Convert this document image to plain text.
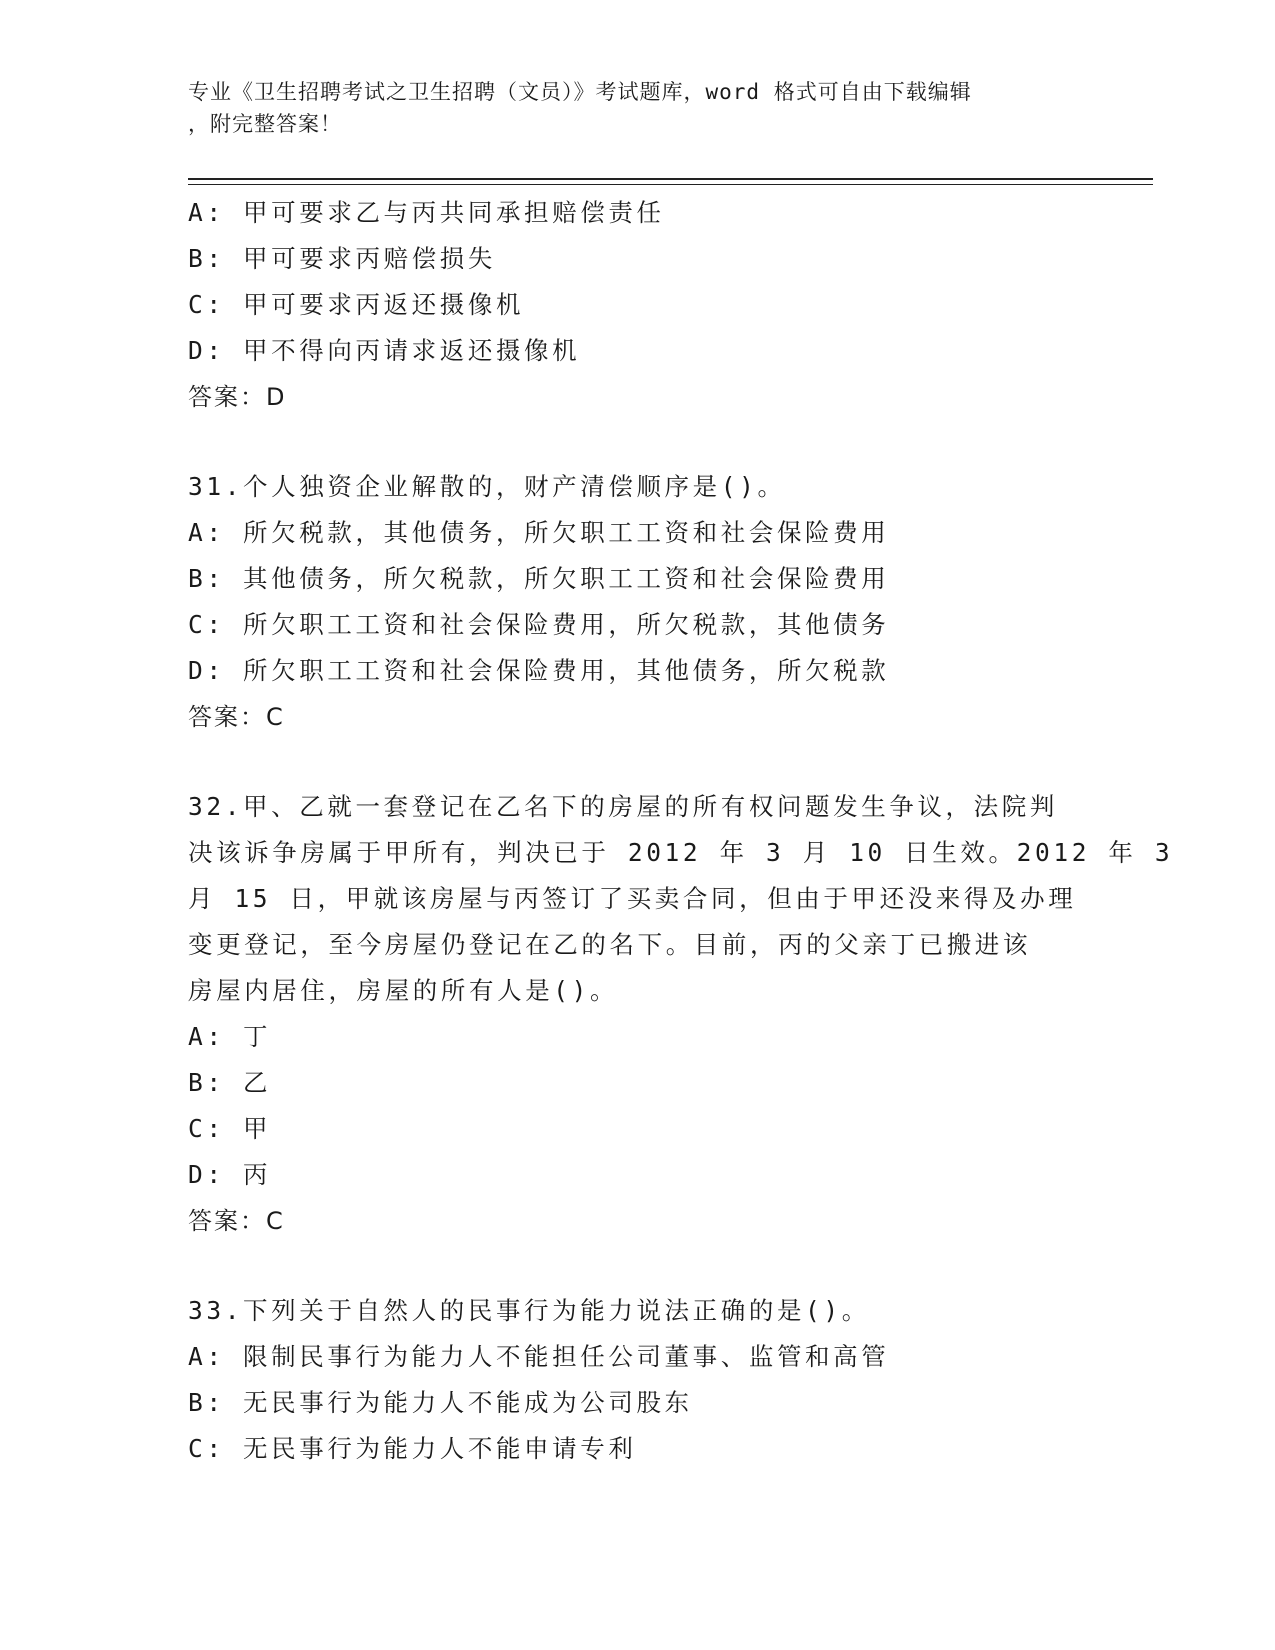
专业《卫生招聘考试之卫生招聘（文员）》考试题库，word 格式可自由下载编辑
，附完整答案！
A: 甲可要求乙与丙共同承担赔偿责任
B: 甲可要求丙赔偿损失
C: 甲可要求丙返还摄像机
D: 甲不得向丙请求返还摄像机
答案：D
31.个人独资企业解散的，财产清偿顺序是()。
A: 所欠税款，其他债务，所欠职工工资和社会保险费用
B: 其他债务，所欠税款，所欠职工工资和社会保险费用
C: 所欠职工工资和社会保险费用，所欠税款，其他债务
D: 所欠职工工资和社会保险费用，其他债务，所欠税款
答案：C
32.甲、乙就一套登记在乙名下的房屋的所有权问题发生争议，法院判
决该诉争房属于甲所有，判决已于 2012 年 3 月 10 日生效。2012 年 3
月 15 日，甲就该房屋与丙签订了买卖合同，但由于甲还没来得及办理
变更登记，至今房屋仍登记在乙的名下。目前，丙的父亲丁已搬进该
房屋内居住，房屋的所有人是()。
A: 丁
B: 乙
C: 甲
D: 丙
答案：C
33.下列关于自然人的民事行为能力说法正确的是()。
A: 限制民事行为能力人不能担任公司董事、监管和高管
B: 无民事行为能力人不能成为公司股东
C: 无民事行为能力人不能申请专利
